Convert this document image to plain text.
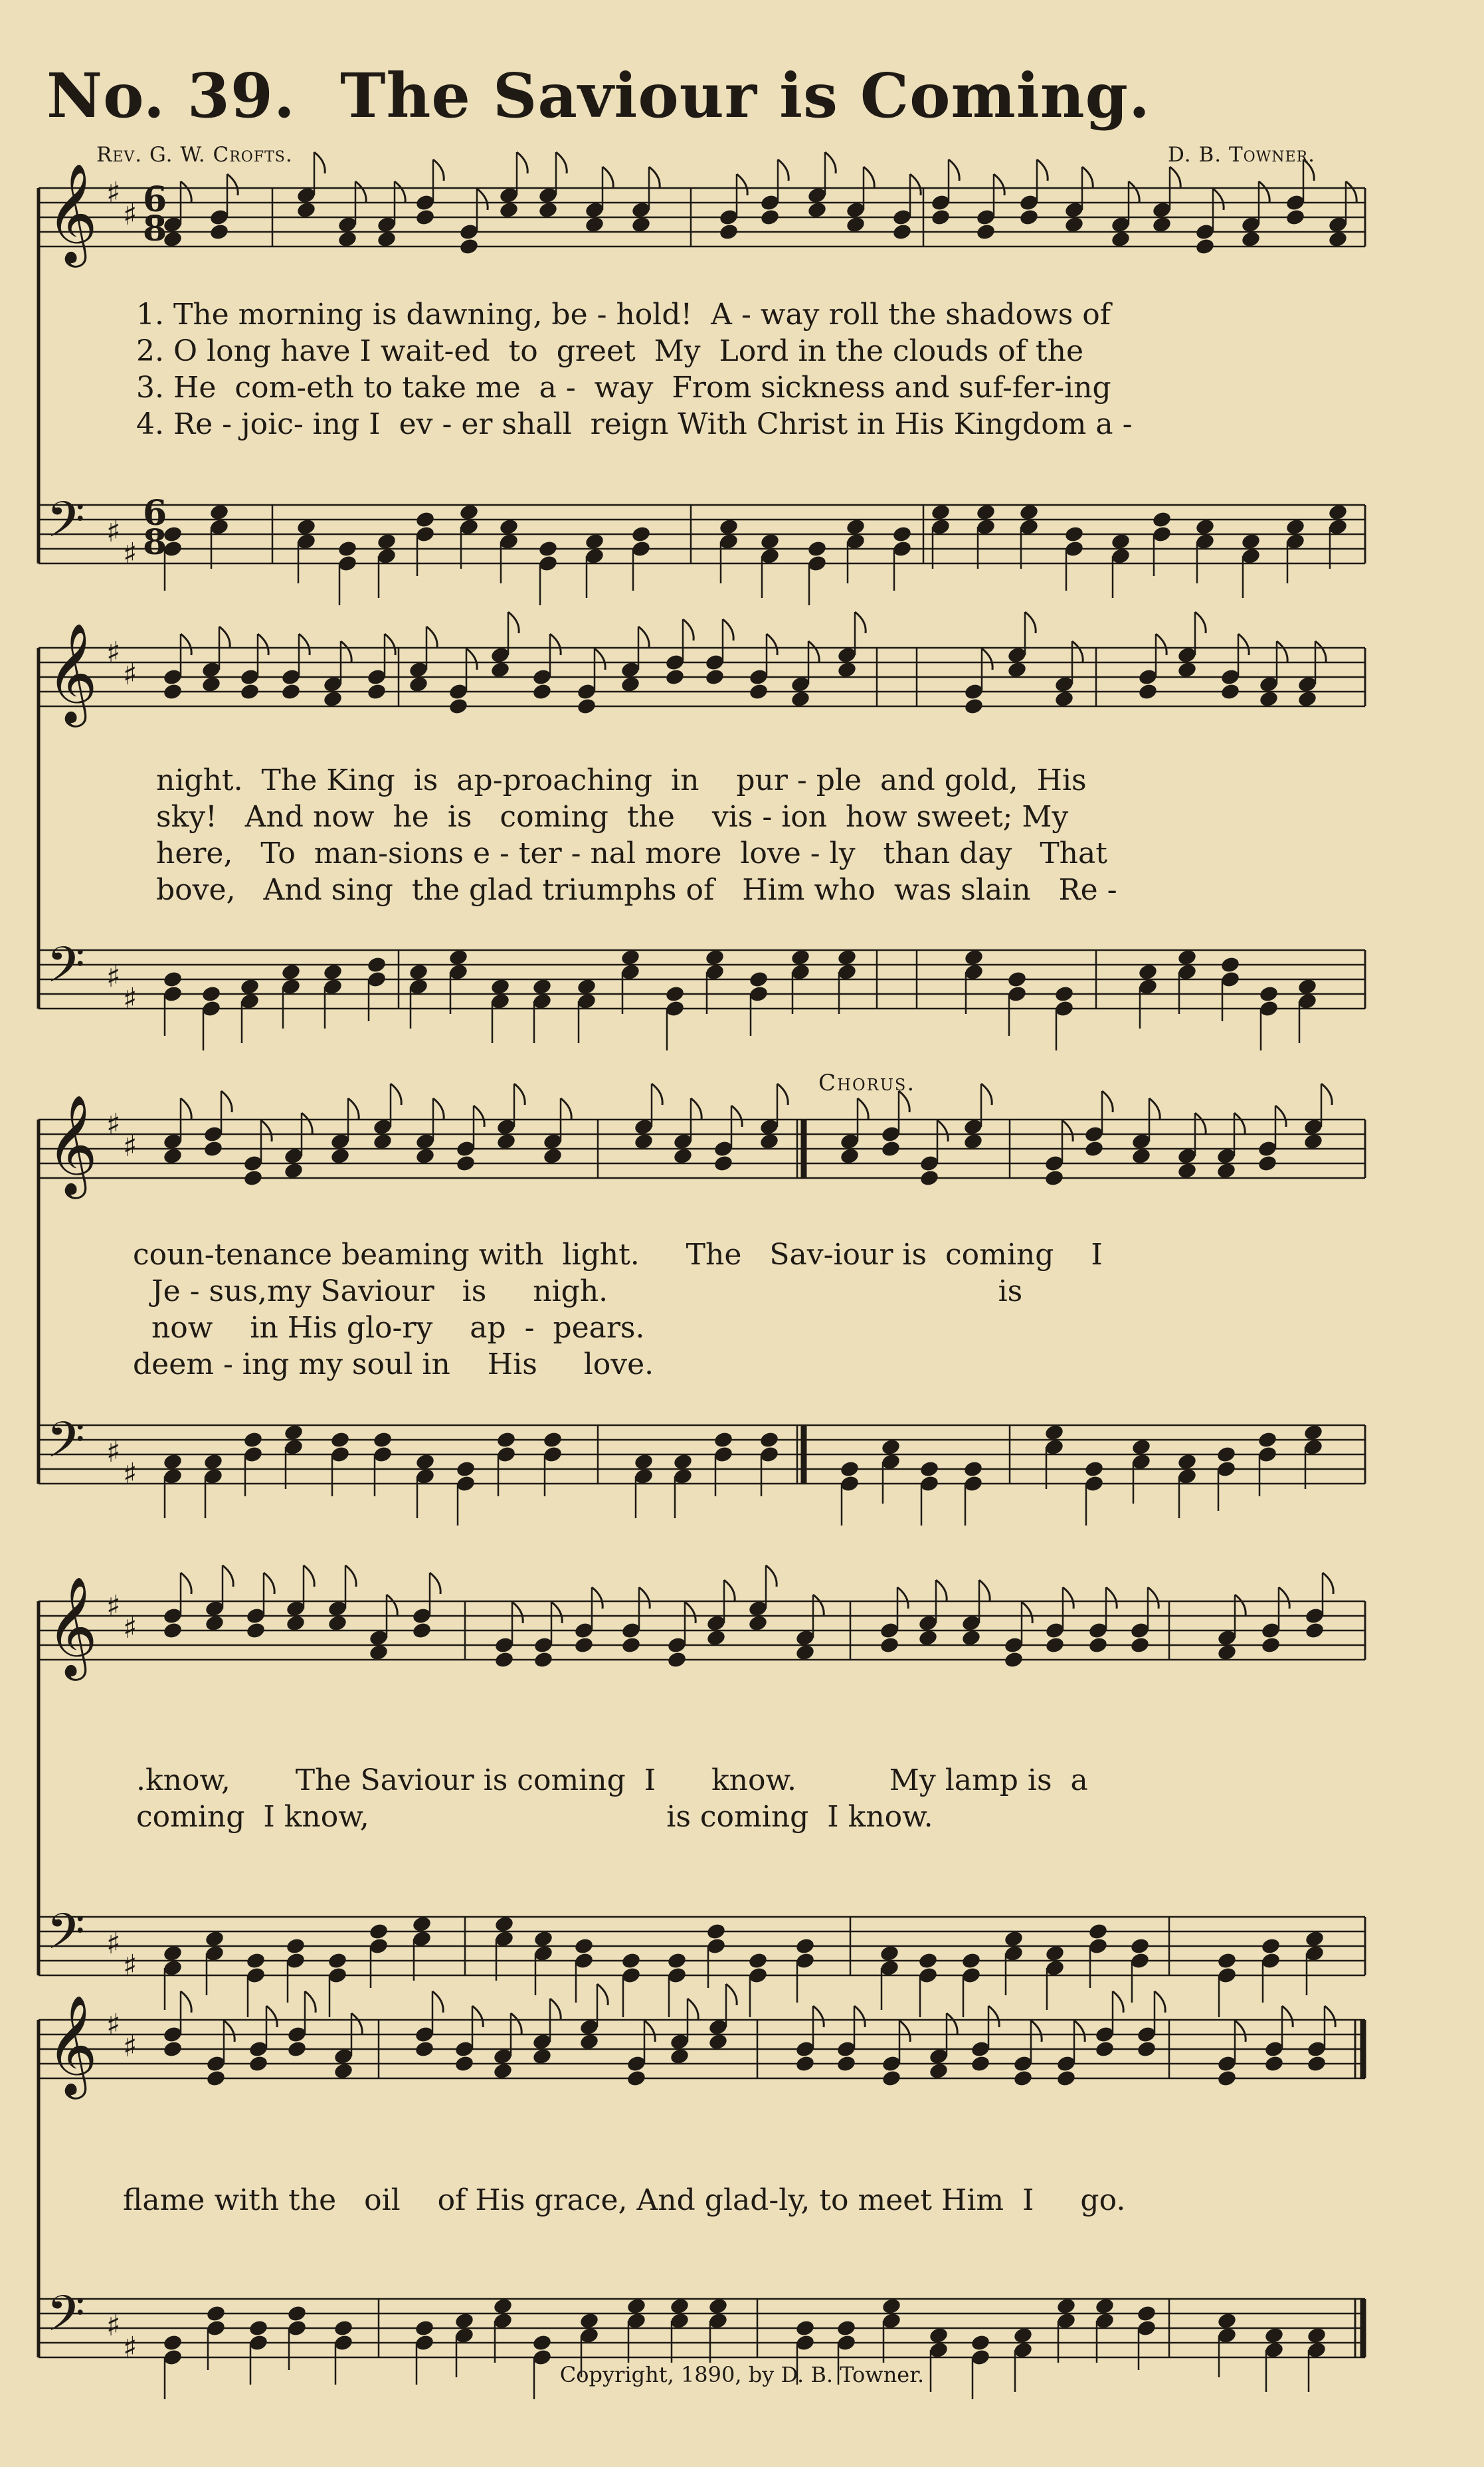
𝄞
𝄢
♯
♯
♯
♯
𝄞
𝄢
♯
♯
♯
♯
𝄞
𝄢
♯
♯
♯
♯
𝄞
𝄢
♯
♯
♯
♯
𝄞
𝄢
♯
♯
♯
♯
6
8
6
8
No. 39. The Saviour is Coming.
Rev. G. W. Crofts.	D. B. Towner.
1. The morning is dawning, be - hold!  A - way roll the shadows of
2. O long have I wait-ed  to  greet  My  Lord in the clouds of the
3. He  com-eth to take me  a -  way  From sickness and suf-fer-ing
4. Re - joic- ing I  ev - er shall  reign With Christ in His Kingdom a -
night.  The King  is  ap-proaching  in    pur - ple  and gold,  His
sky!   And now  he  is   coming  the    vis - ion  how sweet; My
here,   To  man-sions e - ter - nal more  love - ly   than day   That
bove,   And sing  the glad triumphs of   Him who  was slain   Re -
Chorus.
coun-tenance beaming with  light.     The   Sav-iour is  coming    I
Je - sus,my Saviour   is     nigh.                                          is
now    in His glo-ry    ap  -  pears.
deem - ing my soul in    His     love.
.know,       The Saviour is coming  I      know.          My lamp is  a
coming  I know,                                is coming  I know.
flame with the   oil    of His grace, And glad-ly, to meet Him  I     go.
Copyright, 1890, by D. B. Towner.
